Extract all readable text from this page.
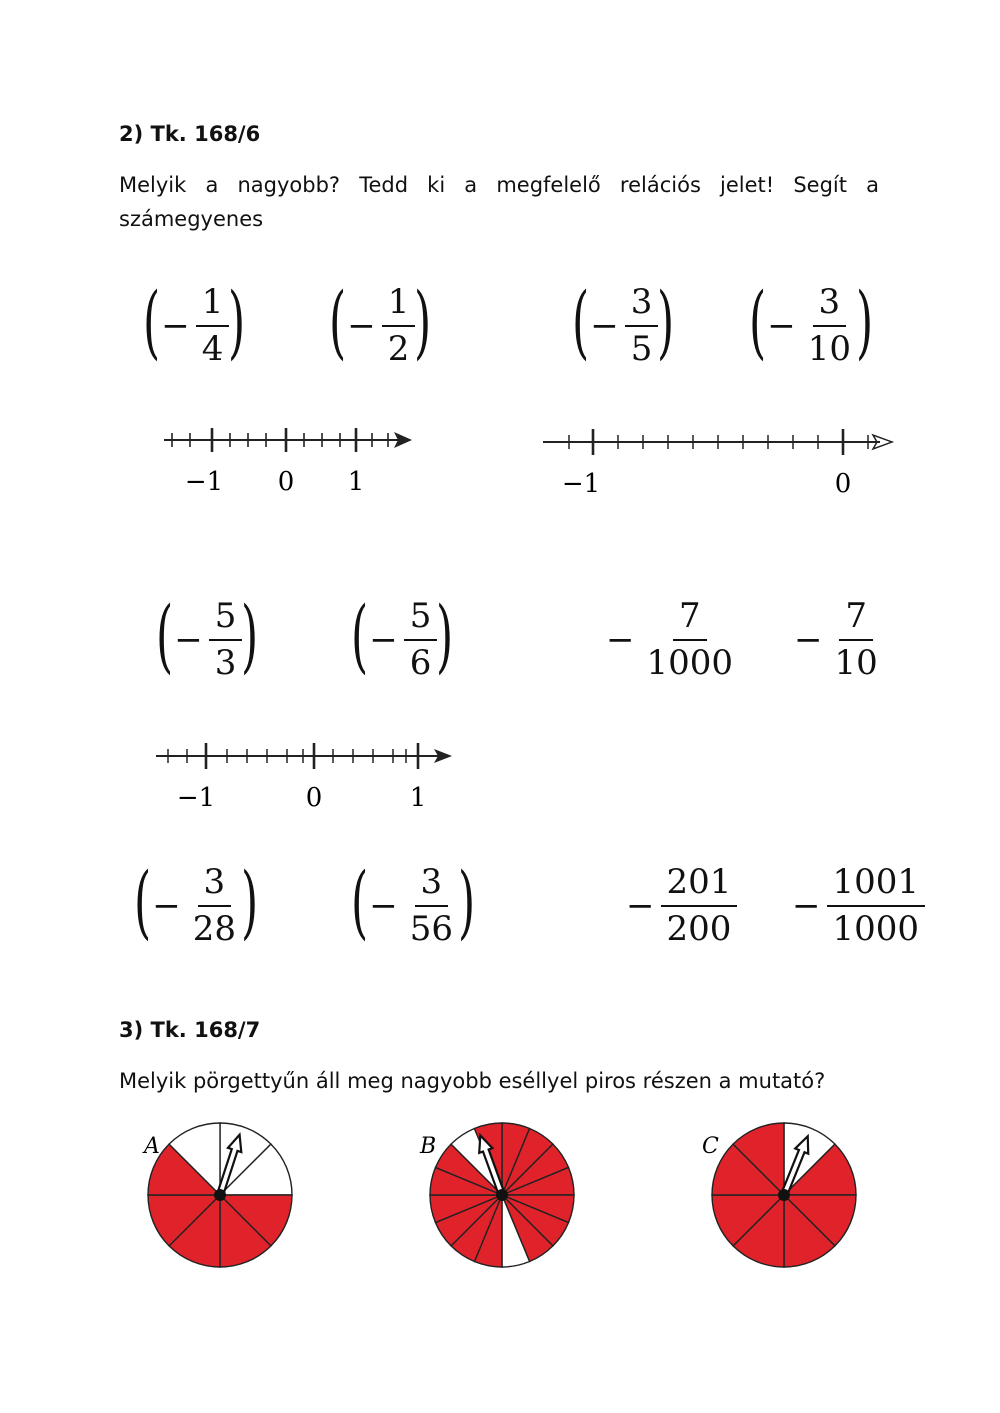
2) Tk. 168/6
Melyik a nagyobb? Tedd ki a megfelelő relációs jelet! Segít a
számegyenes
( − $\frac{1}{4}$ ) ( − $\frac{1}{2}$ ) ( − $\frac{3}{5}$ ) ( − $\frac{3}{10}$ )
−1 0 1	−1	0
( − $\frac{5}{3}$ ) ( − $\frac{5}{6}$ )	− $\frac{7}{1000} - \frac{7}{10}$
−1	0	1
( − $\frac{3}{28}$ ) ( − $\frac{3}{56}$ )	− $\frac{201}{200} - \frac{1001}{1000}$
3) Tk. 168/7
Melyik pörgettyűn áll meg nagyobb eséllyel piros részen a mutató?
A	B	C
